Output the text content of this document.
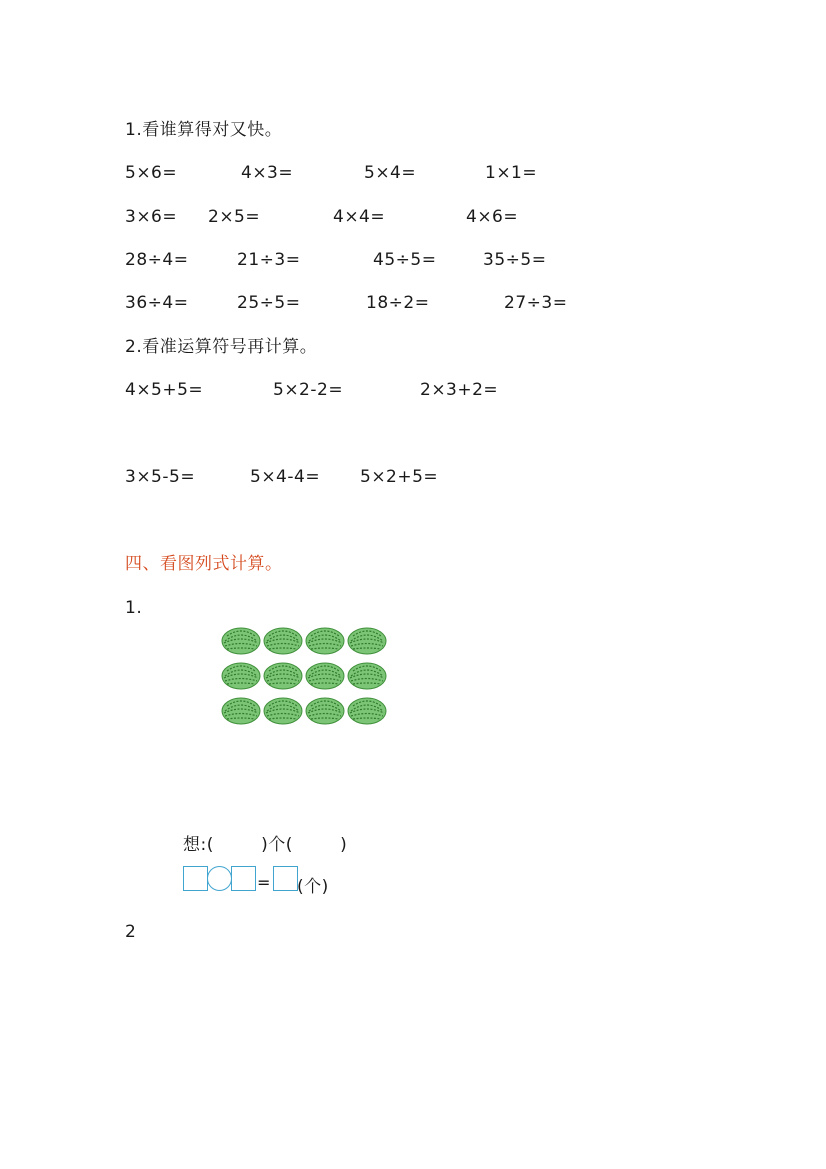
1.看谁算得对又快。
5×6=	4×3=	5×4=	1×1=
3×6= 2×5=	4×4=	4×6=
28÷4=	21÷3=	45÷5=	35÷5=
36÷4=	25÷5=	18÷2=	27÷3=
2.看准运算符号再计算。
4×5+5=	5×2-2=	2×3+2=
3×5-5=	5×4-4= 5×2+5=
四、看图列式计算。
1.
想:(        )个(        )
= (个)
2
